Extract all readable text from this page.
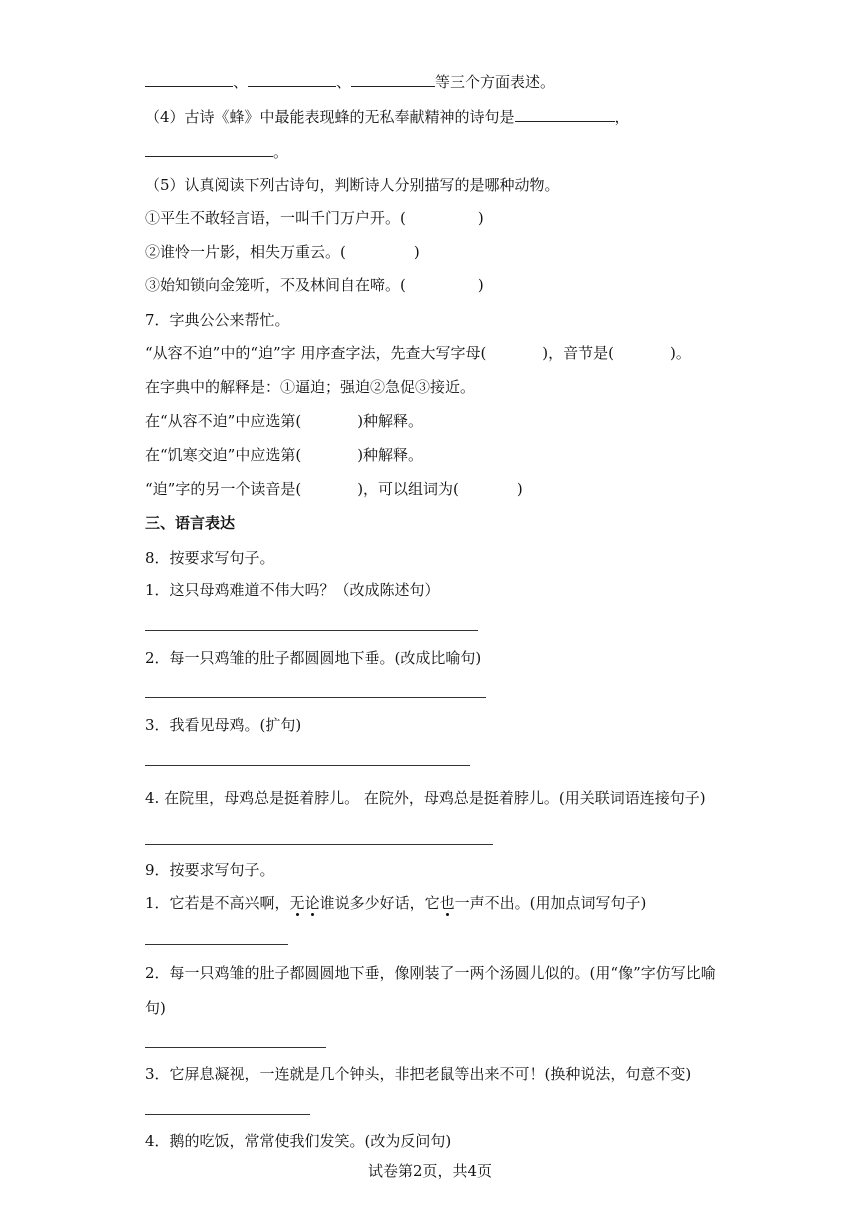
、	、	等三个方面表述。
（4）古诗《蜂》中最能表现蜂的无私奉献精神的诗句是	，
。
（5）认真阅读下列古诗句，判断诗人分别描写的是哪种动物。
①平生不敢轻言语，一叫千门万户开。(	)
②谁怜一片影，相失万重云。(	)
③始知锁向金笼听，不及林间自在啼。(	)
7．字典公公来帮忙。
“从容不迫”中的“迫”字 用序查字法，先查大写字母(	)，音节是(	)。
在字典中的解释是：①逼迫；强迫②急促③接近。
在“从容不迫”中应选第(	)种解释。
在“饥寒交迫”中应选第(	)种解释。
“迫”字的另一个读音是(	)，可以组词为(	)
三、语言表达
8．按要求写句子。
1．这只母鸡难道不伟大吗？（改成陈述句）
2．每一只鸡雏的肚子都圆圆地下垂。(改成比喻句)
3．我看见母鸡。(扩句)
4. 在院里，母鸡总是挺着脖儿。 在院外，母鸡总是挺着脖儿。(用关联词语连接句子)
9．按要求写句子。
1．它若是不高兴啊，无论谁说多少好话，它也一声不出。(用加点词写句子)
2．每一只鸡雏的肚子都圆圆地下垂，像刚装了一两个汤圆儿似的。(用“像”字仿写比喻
句)
3．它屏息凝视，一连就是几个钟头，非把老鼠等出来不可！(换种说法，句意不变)
4．鹅的吃饭，常常使我们发笑。(改为反问句)
试卷第2页，共4页
